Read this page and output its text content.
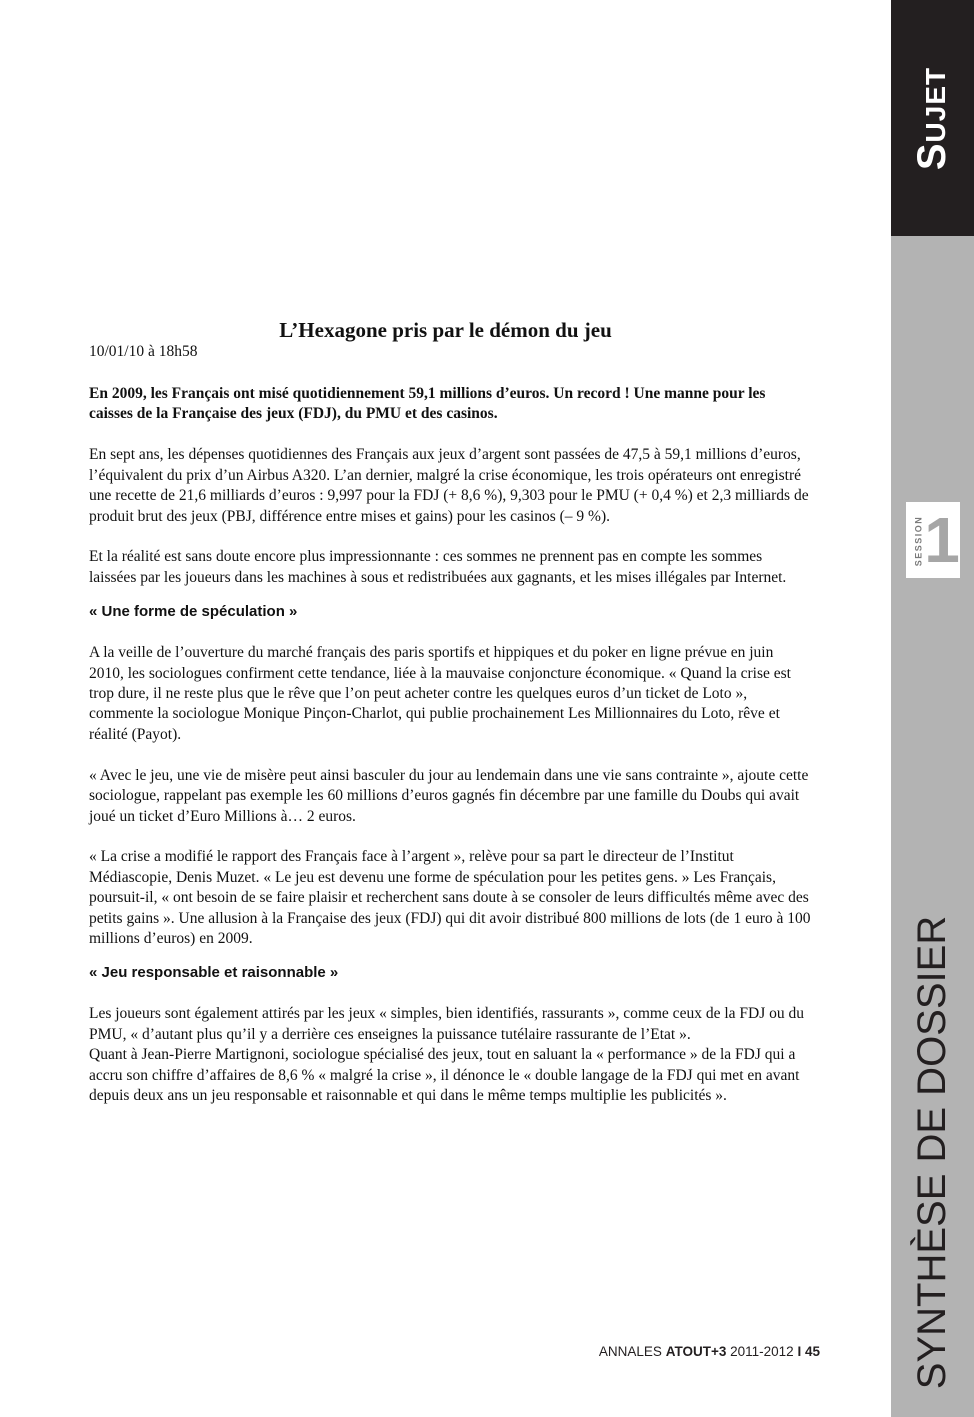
Sujet
SYNTHÈSE DE DOSSIER
SESSION 1
L’Hexagone pris par le démon du jeu

10/01/10 à 18h58

En 2009, les Français ont misé quotidiennement 59,1 millions d’euros. Un record ! Une manne pour les caisses de la Française des jeux (FDJ), du PMU et des casinos.

En sept ans, les dépenses quotidiennes des Français aux jeux d’argent sont passées de 47,5 à 59,1 millions d’euros, l’équivalent du prix d’un Airbus A320. L’an dernier, malgré la crise économique, les trois opérateurs ont enregistré une recette de 21,6 milliards d’euros : 9,997 pour la FDJ (+ 8,6 %), 9,303 pour le PMU (+ 0,4 %) et 2,3 milliards de produit brut des jeux (PBJ, différence entre mises et gains) pour les casinos (– 9 %).

Et la réalité est sans doute encore plus impressionnante : ces sommes ne prennent pas en compte les sommes laissées par les joueurs dans les machines à sous et redistribuées aux gagnants, et les mises illégales par Internet.

« Une forme de spéculation »

A la veille de l’ouverture du marché français des paris sportifs et hippiques et du poker en ligne prévue en juin 2010, les sociologues confirment cette tendance, liée à la mauvaise conjoncture économique. « Quand la crise est trop dure, il ne reste plus que le rêve que l’on peut acheter contre les quelques euros d’un ticket de Loto », commente la sociologue Monique Pinçon-Charlot, qui publie prochainement Les Millionnaires du Loto, rêve et réalité (Payot).

« Avec le jeu, une vie de misère peut ainsi basculer du jour au lendemain dans une vie sans contrainte », ajoute cette sociologue, rappelant pas exemple les 60 millions d’euros gagnés fin décembre par une famille du Doubs qui avait joué un ticket d’Euro Millions à… 2 euros.

« La crise a modifié le rapport des Français face à l’argent », relève pour sa part le directeur de l’Institut Médiascopie, Denis Muzet. « Le jeu est devenu une forme de spéculation pour les petites gens. » Les Français, poursuit-il, « ont besoin de se faire plaisir et recherchent sans doute à se consoler de leurs difficultés même avec des petits gains ». Une allusion à la Française des jeux (FDJ) qui dit avoir distribué 800 millions de lots (de 1 euro à 100 millions d’euros) en 2009.

« Jeu responsable et raisonnable »

Les joueurs sont également attirés par les jeux « simples, bien identifiés, rassurants », comme ceux de la FDJ ou du PMU, « d’autant plus qu’il y a derrière ces enseignes la puissance tutélaire rassurante de l’Etat ».

Quant à Jean-Pierre Martignoni, sociologue spécialisé des jeux, tout en saluant la « performance » de la FDJ qui a accru son chiffre d’affaires de 8,6 % « malgré la crise », il dénonce le « double langage de la FDJ qui met en avant depuis deux ans un jeu responsable et raisonnable et qui dans le même temps multiplie les publicités ».

ANNALES ATOUT+3 2011-2012 I 45
